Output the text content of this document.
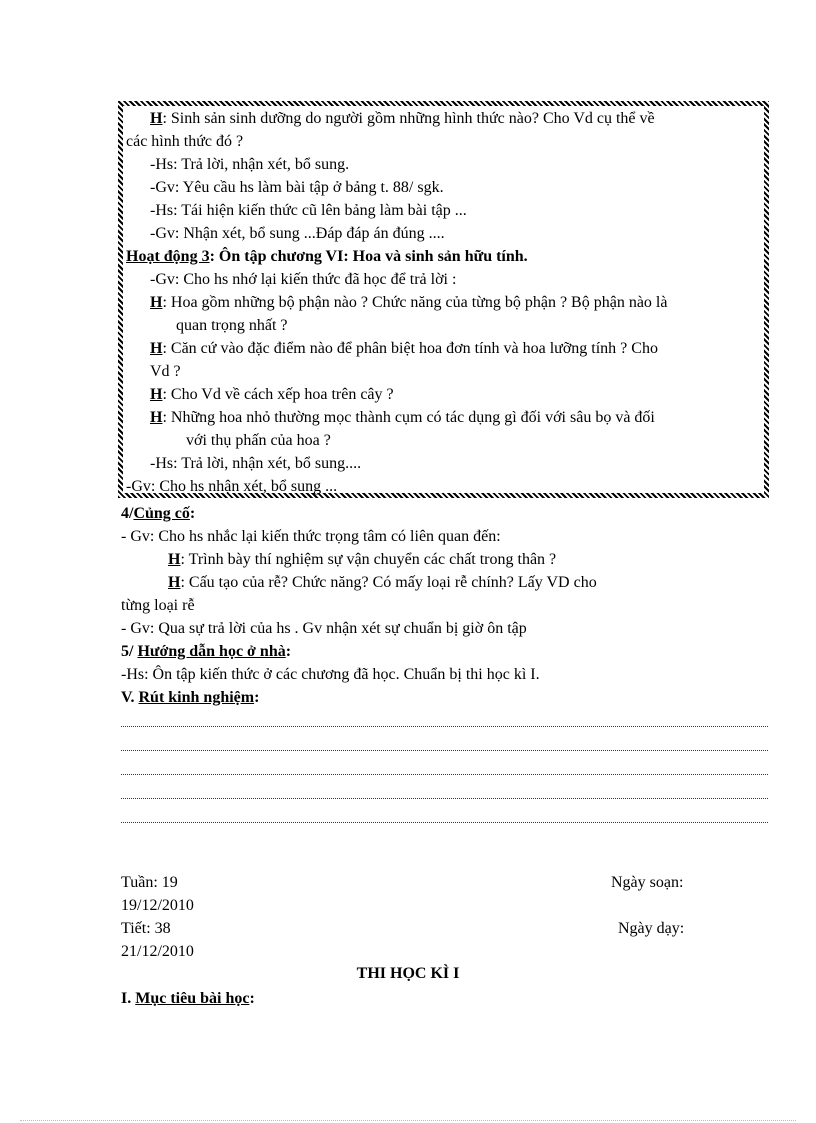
H: Sinh sản sinh dưỡng do người gồm những hình thức nào? Cho Vd cụ thể về
các hình thức đó ?
-Hs: Trả lời, nhận xét, bổ sung.
-Gv: Yêu cầu hs làm bài tập ở bảng t. 88/ sgk.
-Hs: Tái hiện kiến thức cũ lên bảng làm bài tập ...
-Gv: Nhận xét, bổ sung ...Đáp đáp án đúng ....
Hoạt động 3: Ôn tập chương VI: Hoa và sinh sản hữu tính.
-Gv: Cho hs nhớ lại kiến thức đã học để trả lời :
H: Hoa gồm những bộ phận nào ? Chức năng của từng bộ phận ? Bộ phận nào là
quan trọng nhất ?
H: Căn cứ vào đặc điểm nào để phân biệt hoa đơn tính và hoa lưỡng tính ? Cho
Vd ?
H: Cho Vd về cách xếp hoa trên cây ?
H: Những hoa nhỏ thường mọc thành cụm có tác dụng gì đối với sâu bọ và đối
với thụ phấn của hoa ?
-Hs: Trả lời, nhận xét, bổ sung....
-Gv: Cho hs nhận xét, bổ sung ...
4/Củng cố:
- Gv: Cho hs nhắc lại kiến thức trọng tâm có liên quan đến:
H: Trình bày thí nghiệm sự vận chuyển các chất trong thân ?
H: Cấu tạo của rễ? Chức năng? Có mấy loại rễ chính? Lấy VD cho
từng loại rễ
- Gv: Qua sự trả lời của hs . Gv nhận xét sự chuẩn bị giờ ôn tập
5/ Hướng dẫn học ở nhà:
-Hs: Ôn tập kiến thức ở các chương đã học. Chuẩn bị thi học kì I.
V. Rút kinh nghiệm:
Tuần: 19	Ngày soạn:
19/12/2010
Tiết: 38	Ngày dạy:
21/12/2010
THI HỌC KÌ I
I. Mục tiêu bài học:
